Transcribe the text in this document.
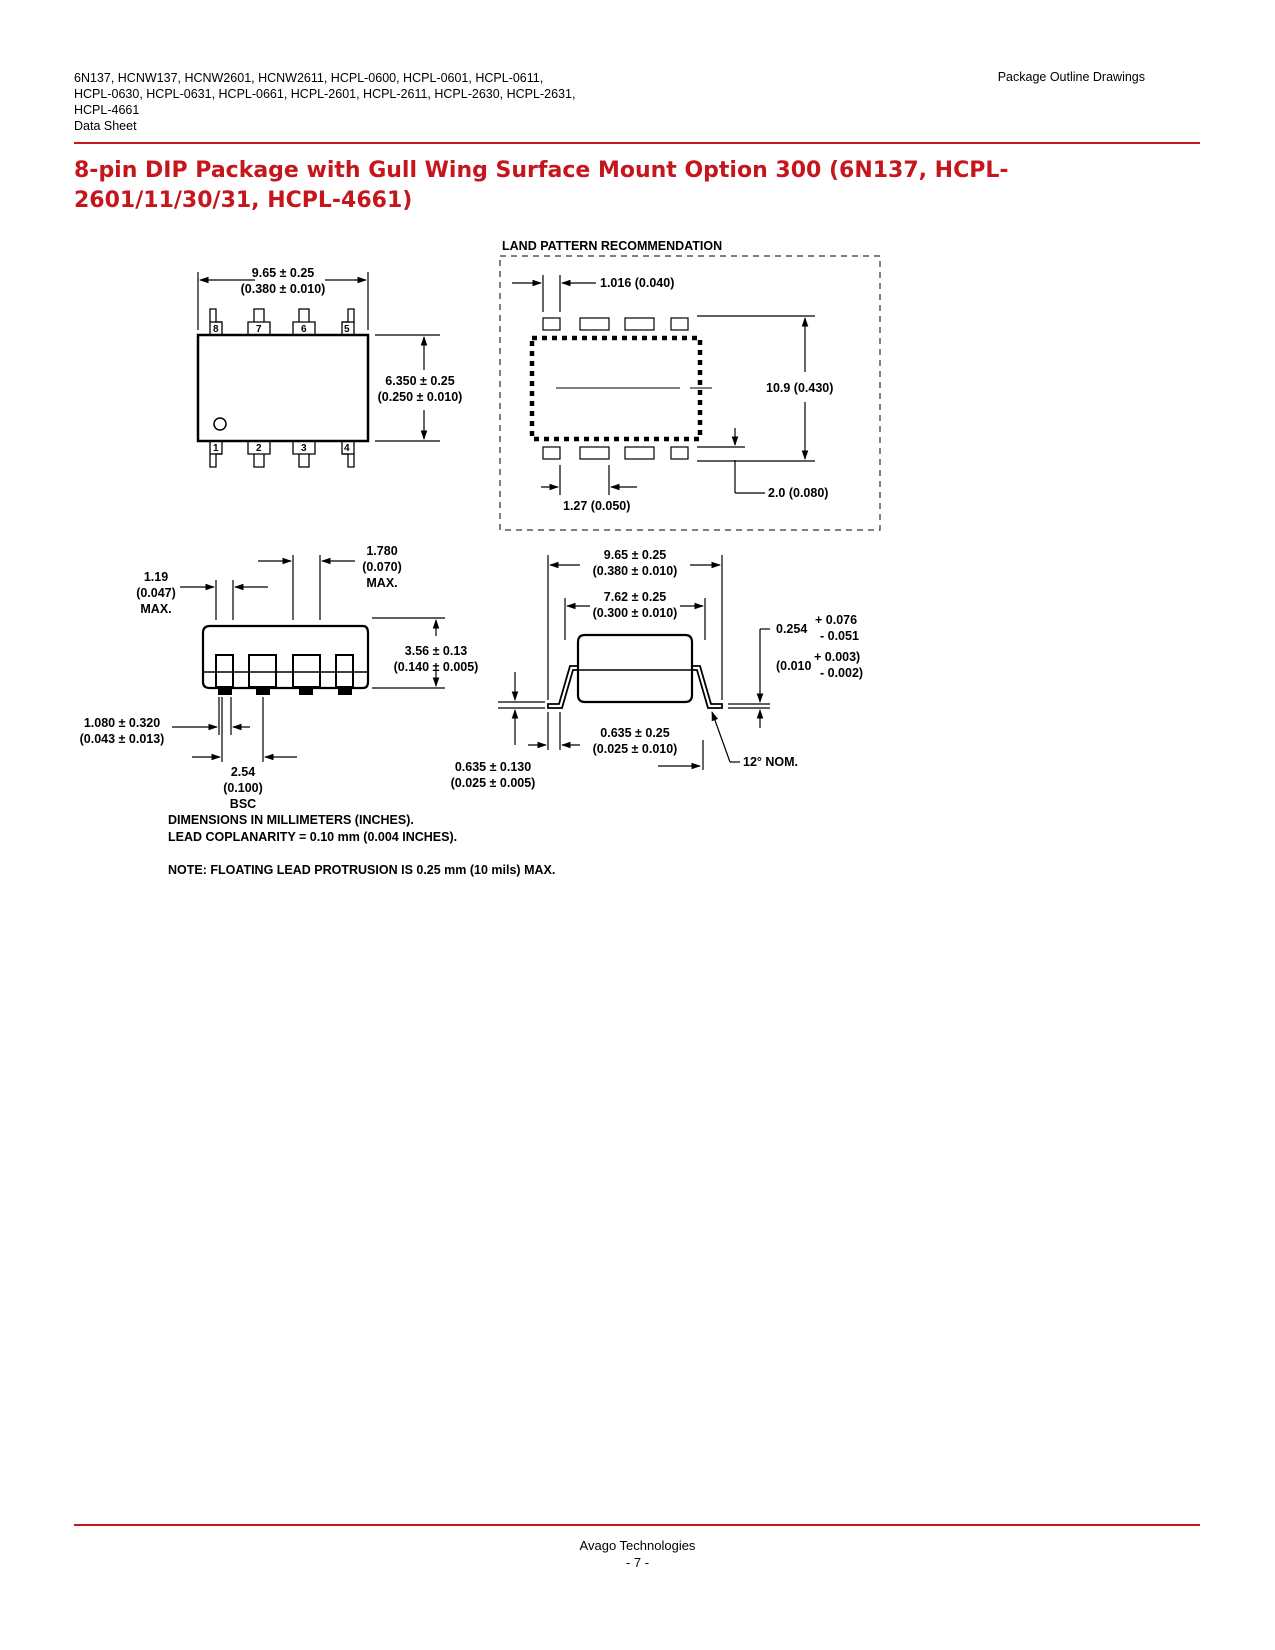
6N137, HCNW137, HCNW2601, HCNW2611, HCPL-0600, HCPL-0601, HCPL-0611,
HCPL-0630, HCPL-0631, HCPL-0661, HCPL-2601, HCPL-2611, HCPL-2630, HCPL-2631,
HCPL-4661
Data Sheet
Package Outline Drawings
8-pin DIP Package with Gull Wing Surface Mount Option 300 (6N137, HCPL-2601/11/30/31, HCPL-4661)
8	7	6	5
1	2	3	4
9.65 ± 0.25
(0.380 ± 0.010)
6.350 ± 0.25
(0.250 ± 0.010)
LAND PATTERN RECOMMENDATION
1.016 (0.040)
10.9 (0.430)
1.27 (0.050)
2.0 (0.080)
1.19
(0.047)
MAX.
1.780
(0.070)
MAX.
3.56 ± 0.13
(0.140 ± 0.005)
1.080 ± 0.320
(0.043 ± 0.013)
2.54
(0.100)
BSC
9.65 ± 0.25
(0.380 ± 0.010)
7.62 ± 0.25
(0.300 ± 0.010)
0.254
+ 0.076
- 0.051
(0.010
+ 0.003)
- 0.002)
0.635 ± 0.130
(0.025 ± 0.005)
0.635 ± 0.25
(0.025 ± 0.010)
12° NOM.
DIMENSIONS IN MILLIMETERS (INCHES).
LEAD COPLANARITY = 0.10 mm (0.004 INCHES).
NOTE: FLOATING LEAD PROTRUSION IS 0.25 mm (10 mils) MAX.
Avago Technologies
- 7 -
